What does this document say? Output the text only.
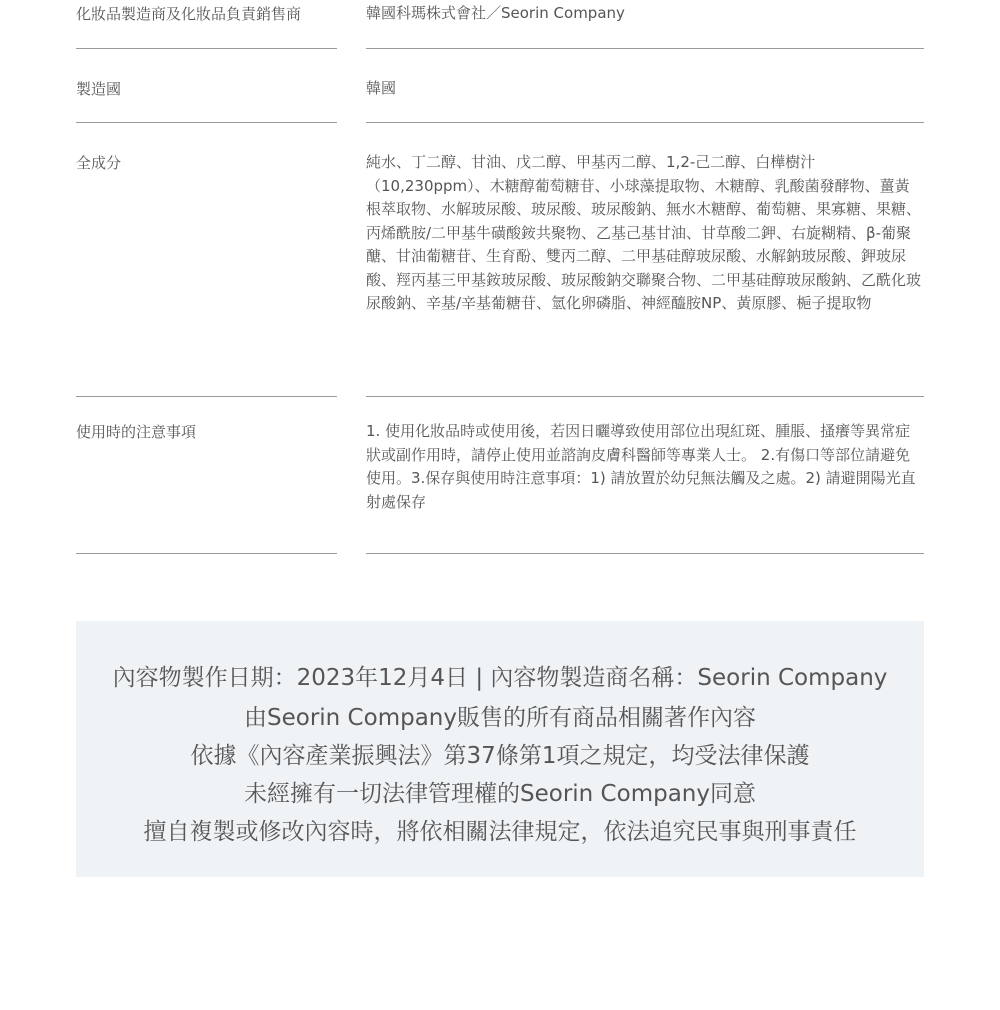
化妝品製造商及化妝品負責銷售商	韓國科瑪株式會社／Seorin Company
製造國	韓國
全成分	純水、丁二醇、甘油、戊二醇、甲基丙二醇、1,2-己二醇、白樺樹汁（10,230ppm）、木糖醇葡萄糖苷、小球藻提取物、木糖醇、乳酸菌發酵物、薑黃根萃取物、水解玻尿酸、玻尿酸、玻尿酸鈉、無水木糖醇、葡萄糖、果寡糖、果糖、丙烯酰胺/二甲基牛磺酸銨共聚物、乙基己基甘油、甘草酸二鉀、右旋糊精、β-葡聚醣、甘油葡糖苷、生育酚、雙丙二醇、二甲基硅醇玻尿酸、水解鈉玻尿酸、鉀玻尿酸、羥丙基三甲基銨玻尿酸、玻尿酸鈉交聯聚合物、二甲基硅醇玻尿酸鈉、乙酰化玻尿酸鈉、辛基/辛基葡糖苷、氫化卵磷脂、神經醯胺NP、黃原膠、梔子提取物
使用時的注意事項	1. 使用化妝品時或使用後，若因日曬導致使用部位出現紅斑、腫脹、搔癢等異常症狀或副作用時，請停止使用並諮詢皮膚科醫師等專業人士。 2.有傷口等部位請避免使用。3.保存與使用時注意事項：1) 請放置於幼兒無法觸及之處。2) 請避開陽光直射處保存
內容物製作日期：2023年12月4日 | 內容物製造商名稱：Seorin Company
由Seorin Company販售的所有商品相關著作內容
依據《內容產業振興法》第37條第1項之規定，均受法律保護
未經擁有一切法律管理權的Seorin Company同意
擅自複製或修改內容時，將依相關法律規定，依法追究民事與刑事責任
